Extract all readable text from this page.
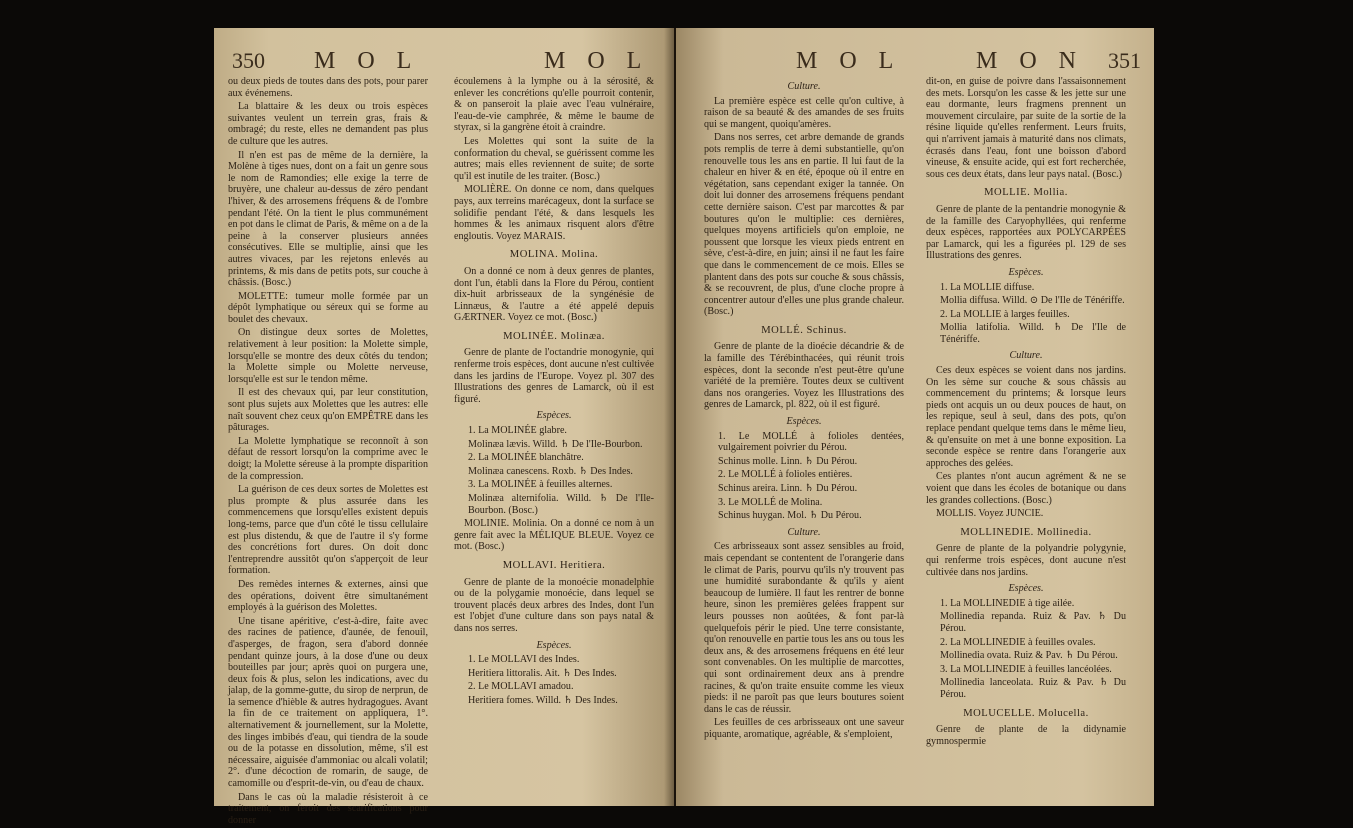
350 M O L	M O L

ou deux pieds de toutes dans des pots, pour parer aux événemens.

La blattaire & les deux ou trois espèces suivantes veulent un terrein gras, frais & ombragé; du reste, elles ne demandent pas plus de culture que les autres.

Il n'en est pas de même de la dernière, la Molène à tiges nues, dont on a fait un genre sous le nom de Ramondies; elle exige la terre de bruyère, une chaleur au-dessus de zéro pendant l'hiver, & des arrosemens fréquens & de l'ombre pendant l'été. On la tient le plus communément en pot dans le climat de Paris, & même on a de la peine à la conserver plusieurs années consécutives. Elle se multiplie, ainsi que les autres vivaces, par les rejetons enlevés au printems, & mis dans de petits pots, sur couche à châssis. (Bosc.)

MOLETTE: tumeur molle formée par un dépôt lymphatique ou séreux qui se forme au boulet des chevaux.

On distingue deux sortes de Molettes, relativement à leur position: la Molette simple, lorsqu'elle se montre des deux côtés du tendon; la Molette simple ou Molette nerveuse, lorsqu'elle est sur le tendon même.

Il est des chevaux qui, par leur constitution, sont plus sujets aux Molettes que les autres: elle naît souvent chez ceux qu'on EMPÊTRE dans les pâturages.

La Molette lymphatique se reconnoît à son défaut de ressort lorsqu'on la comprime avec le doigt; la Molette séreuse à la prompte disparition de la compression.

La guérison de ces deux sortes de Molettes est plus prompte & plus assurée dans les commencemens que lorsqu'elles existent depuis long-tems, parce que d'un côté le tissu cellulaire est plus distendu, & que de l'autre il s'y forme des concrétions fort dures. On doit donc l'entreprendre aussitôt qu'on s'apperçoit de leur formation.

Des remèdes internes & externes, ainsi que des opérations, doivent être simultanément employés à la guérison des Molettes.

Une tisane apéritive, c'est-à-dire, faite avec des racines de patience, d'aunée, de fenouil, d'asperges, de fragon, sera d'abord donnée pendant quinze jours, à la dose d'une ou deux bouteilles par jour; après quoi on purgera une, deux fois & plus, selon les indications, avec du jalap, de la gomme-gutte, du sirop de nerprun, de la semence d'hièble & autres hydragogues. Avant la fin de ce traitement on appliquera, 1°. alternativement & journellement, sur la Molette, des linges imbibés d'eau, qui tiendra de la soude ou de la potasse en dissolution, même, s'il est nécessaire, aiguisée d'ammoniac ou alcali volatil; 2°. d'une décoction de romarin, de sauge, de camomille ou d'esprit-de-vin, ou d'eau de chaux.

Dans le cas où la maladie résisteroit à ce traitement, on feroit des scarifications pour donner

écoulemens à la lymphe ou à la sérosité, & enlever les concrétions qu'elle pourroit contenir, & on panseroit la plaie avec l'eau vulnéraire, l'eau-de-vie camphrée, & même le baume de styrax, si la gangrène étoit à craindre.

Les Molettes qui sont la suite de la conformation du cheval, se guérissent comme les autres; mais elles reviennent de suite; de sorte qu'il est inutile de les traiter. (Bosc.)

MOLIÈRE. On donne ce nom, dans quelques pays, aux terreins marécageux, dont la surface se solidifie pendant l'été, & dans lesquels les hommes & les animaux risquent alors d'être engloutis. Voyez MARAIS.

MOLINA. Molina.

On a donné ce nom à deux genres de plantes, dont l'un, établi dans la Flore du Pérou, contient dix-huit arbrisseaux de la syngénésie de Linnæus, & l'autre a été appelé depuis GÆRTNER. Voyez ce mot. (Bosc.)

MOLINÉE. Molinæa.

Genre de plante de l'octandrie monogynie, qui renferme trois espèces, dont aucune n'est cultivée dans les jardins de l'Europe. Voyez pl. 307 des Illustrations des genres de Lamarck, où il est figuré.

Espèces.

1. La MOLINÉE glabre.

Molinæa lævis. Willd. ♄ De l'Ile-Bourbon.

2. La MOLINÉE blanchâtre.

Molinæa canescens. Roxb. ♄ Des Indes.

3. La MOLINÉE à feuilles alternes.

Molinæa alternifolia. Willd. ♄ De l'Ile-Bourbon. (Bosc.)

MOLINIE. Molinia. On a donné ce nom à un genre fait avec la MÉLIQUE BLEUE. Voyez ce mot. (Bosc.)

MOLLAVI. Heritiera.

Genre de plante de la monoécie monadelphie ou de la polygamie monoécie, dans lequel se trouvent placés deux arbres des Indes, dont l'un est l'objet d'une culture dans son pays natal & dans nos serres.

Espèces.

1. Le MOLLAVI des Indes.

Heritiera littoralis. Ait. ♄ Des Indes.

2. Le MOLLAVI amadou.

Heritiera fomes. Willd. ♄ Des Indes.

M O L	M O N 351

Culture.

La première espèce est celle qu'on cultive, à raison de sa beauté & des amandes de ses fruits qui se mangent, quoiqu'amères.

Dans nos serres, cet arbre demande de grands pots remplis de terre à demi substantielle, qu'on renouvelle tous les ans en partie. Il lui faut de la chaleur en hiver & en été, époque où il entre en végétation, sans cependant exiger la tannée. On doit lui donner des arrosemens fréquens pendant cette dernière saison. C'est par marcottes & par boutures qu'on le multiplie: ces dernières, quelques moyens artificiels qu'on emploie, ne poussent que lorsque les vieux pieds entrent en sève, c'est-à-dire, en juin; ainsi il ne faut les faire que dans le commencement de ce mois. Elles se plantent dans des pots sur couche & sous châssis, & se recouvrent, de plus, d'une cloche propre à concentrer autour d'elles une plus grande chaleur. (Bosc.)

MOLLÉ. Schinus.

Genre de plante de la dioécie décandrie & de la famille des Térébinthacées, qui réunit trois espèces, dont la seconde n'est peut-être qu'une variété de la première. Toutes deux se cultivent dans nos orangeries. Voyez les Illustrations des genres de Lamarck, pl. 822, où il est figuré.

Espèces.

1. Le MOLLÉ à folioles dentées, vulgairement poivrier du Pérou.

Schinus molle. Linn. ♄ Du Pérou.

2. Le MOLLÉ à folioles entières.

Schinus areira. Linn. ♄ Du Pérou.

3. Le MOLLÉ de Molina.

Schinus huygan. Mol. ♄ Du Pérou.

Culture.

Ces arbrisseaux sont assez sensibles au froid, mais cependant se contentent de l'orangerie dans le climat de Paris, pourvu qu'ils n'y trouvent pas une humidité surabondante & qu'ils y aient beaucoup de lumière. Il faut les rentrer de bonne heure, sinon les premières gelées frappent sur leurs pousses non aoûtées, & font par-là quelquefois périr le pied. Une terre consistante, qu'on renouvelle en partie tous les ans ou tous les deux ans, & des arrosemens fréquens en été leur sont convenables. On les multiplie de marcottes, qui sont ordinairement deux ans à prendre racines, & qu'on traite ensuite comme les vieux pieds: il ne paroît pas que leurs boutures soient dans le cas de réussir.

Les feuilles de ces arbrisseaux ont une saveur piquante, aromatique, agréable, & s'emploient,

dit-on, en guise de poivre dans l'assaisonnement des mets. Lorsqu'on les casse & les jette sur une eau dormante, leurs fragmens prennent un mouvement circulaire, par suite de la sortie de la résine liquide qu'elles renferment. Leurs fruits, qui n'arrivent jamais à maturité dans nos climats, écrasés dans l'eau, font une boisson d'abord vineuse, & ensuite acide, qui est fort recherchée, sous ces deux états, dans leur pays natal. (Bosc.)

MOLLIE. Mollia.

Genre de plante de la pentandrie monogynie & de la famille des Caryophyllées, qui renferme deux espèces, rapportées aux POLYCARPÉES par Lamarck, qui les a figurées pl. 129 de ses Illustrations des genres.

Espèces.

1. La MOLLIE diffuse.

Mollia diffusa. Willd. ⊙ De l'Ile de Ténériffe.

2. La MOLLIE à larges feuilles.

Mollia latifolia. Willd. ♄ De l'Ile de Ténériffe.

Culture.

Ces deux espèces se voient dans nos jardins. On les sème sur couche & sous châssis au commencement du printems; & lorsque leurs pieds ont acquis un ou deux pouces de haut, on les repique, seul à seul, dans des pots, qu'on replace pendant quelque tems dans le même lieu, & qu'ensuite on met à une bonne exposition. La seconde espèce se rentre dans l'orangerie aux approches des gelées.

Ces plantes n'ont aucun agrément & ne se voient que dans les écoles de botanique ou dans les grandes collections. (Bosc.)

MOLLIS. Voyez JUNCIE.

MOLLINEDIE. Mollinedia.

Genre de plante de la polyandrie polygynie, qui renferme trois espèces, dont aucune n'est cultivée dans nos jardins.

Espèces.

1. La MOLLINEDIE à tige ailée.

Mollinedia repanda. Ruiz & Pav. ♄ Du Pérou.

2. La MOLLINEDIE à feuilles ovales.

Mollinedia ovata. Ruiz & Pav. ♄ Du Pérou.

3. La MOLLINEDIE à feuilles lancéolées.

Mollinedia lanceolata. Ruiz & Pav. ♄ Du Pérou.

MOLUCELLE. Molucella.

Genre de plante de la didynamie gymnospermie
